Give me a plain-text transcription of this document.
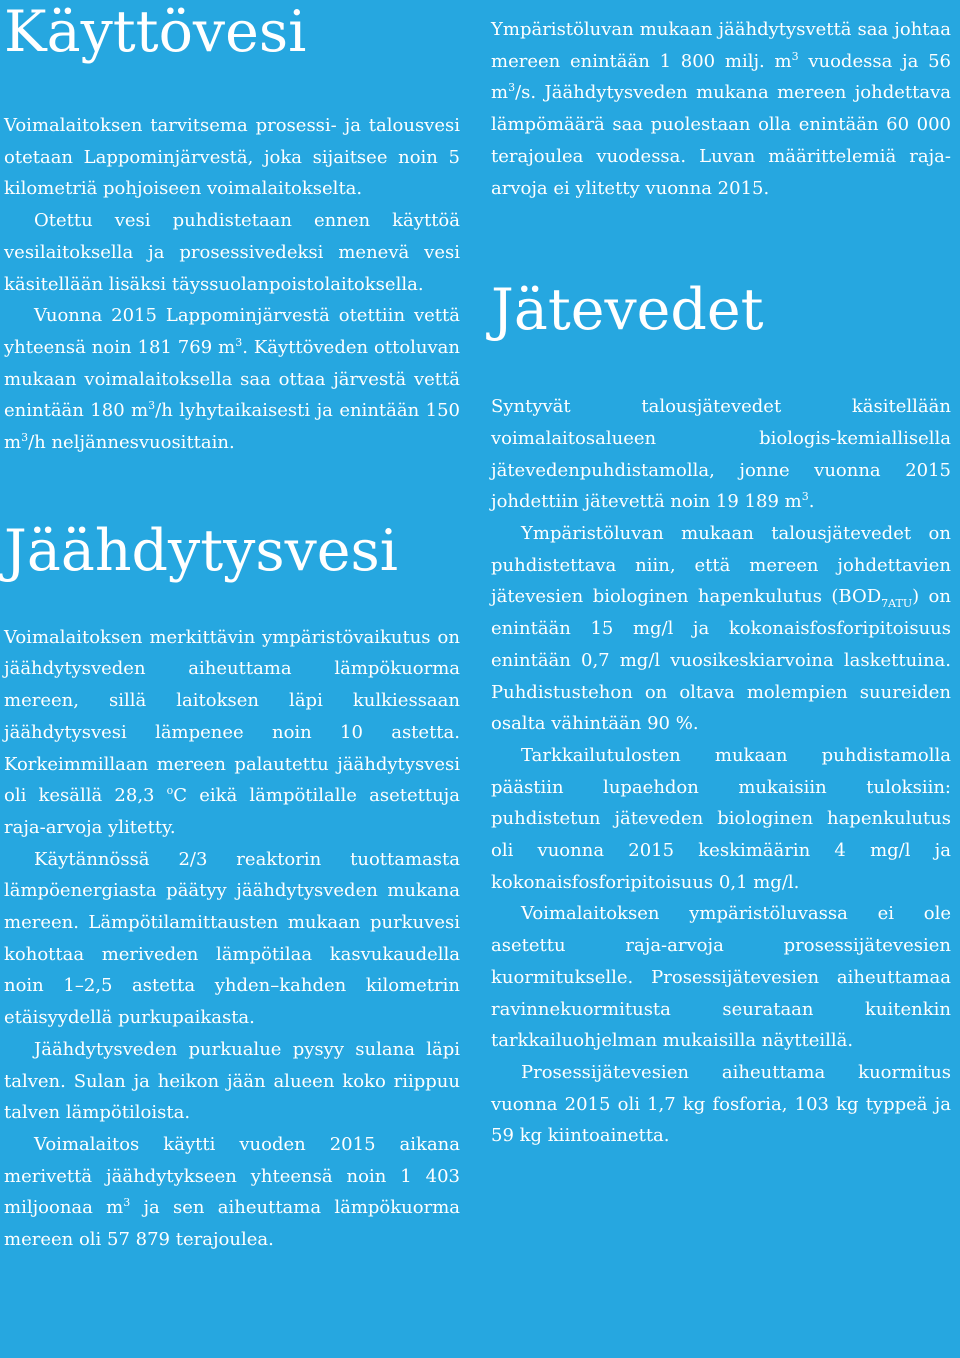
Käyttövesi

Voimalaitoksen tarvitsema prosessi- ja talousvesi otetaan Lappominjärvestä, joka sijaitsee noin 5 kilometriä pohjoiseen voimalaitokselta.

Otettu vesi puhdistetaan ennen käyttöä vesilaitoksella ja prosessivedeksi menevä vesi käsitellään lisäksi täyssuolanpoistolaitoksella.

Vuonna 2015 Lappominjärvestä otettiin vettä yhteensä noin 181 769 $m^3$. Käyttöveden ottoluvan mukaan voimalaitoksella saa ottaa järvestä vettä enintään 180 $m^3/h$ lyhytaikaisesti ja enintään 150 $m^3/h$ neljännesvuosittain.

Jäähdytysvesi

Voimalaitoksen merkittävin ympäristövaikutus on jäähdytysveden aiheuttama lämpökuorma mereen, sillä laitoksen läpi kulkiessaan jäähdytysvesi lämpenee noin 10 astetta. Korkeimmillaan mereen palautettu jäähdytysvesi oli kesällä 28,3 $^o$C eikä lämpötilalle asetettuja raja-arvoja ylitetty.

Käytännössä 2/3 reaktorin tuottamasta lämpöenergiasta päätyy jäähdytysveden mukana mereen. Lämpötilamittausten mukaan purkuvesi kohottaa meriveden lämpötilaa kasvukaudella noin 1–2,5 astetta yhden–kahden kilometrin etäisyydellä purkupaikasta.

Jäähdytysveden purkualue pysyy sulana läpi talven. Sulan ja heikon jään alueen koko riippuu talven lämpötiloista.

Voimalaitos käytti vuoden 2015 aikana merivettä jäähdytykseen yhteensä noin 1 403 miljoonaa $m^3$ ja sen aiheuttama lämpökuorma mereen oli 57 879 terajoulea.

Ympäristöluvan mukaan jäähdytysvettä saa johtaa mereen enintään 1 800 milj. $m^3$ vuodessa ja 56 $m^3/s$. Jäähdytysveden mukana mereen johdettava lämpömäärä saa puolestaan olla enintään 60 000 terajoulea vuodessa. Luvan määrittelemiä raja-arvoja ei ylitetty vuonna 2015.

Jätevedet

Syntyvät talousjätevedet käsitellään voimalaitosalueen biologis-kemiallisella jätevedenpuhdistamolla, jonne vuonna 2015 johdettiin jätevettä noin 19 189 $m^3$.

Ympäristöluvan mukaan talousjätevedet on puhdistettava niin, että mereen johdettavien jätevesien biologinen hapenkulutus $(BOD_{7ATU})$ on enintään 15 mg/l ja kokonaisfosforipitoisuus enintään 0,7 mg/l vuosikeskiarvoina laskettuina. Puhdistustehon on oltava molempien suureiden osalta vähintään 90 %.

Tarkkailutulosten mukaan puhdistamolla päästiin lupaehdon mukaisiin tuloksiin: puhdistetun jäteveden biologinen hapenkulutus oli vuonna 2015 keskimäärin 4 mg/l ja kokonaisfosforipitoisuus 0,1 mg/l.

Voimalaitoksen ympäristöluvassa ei ole asetettu raja-arvoja prosessijätevesien kuormitukselle. Prosessijätevesien aiheuttamaa ravinnekuormitusta seurataan kuitenkin tarkkailuohjelman mukaisilla näytteillä.

Prosessijätevesien aiheuttama kuormitus vuonna 2015 oli 1,7 kg fosforia, 103 kg typpeä ja 59 kg kiintoainetta.
